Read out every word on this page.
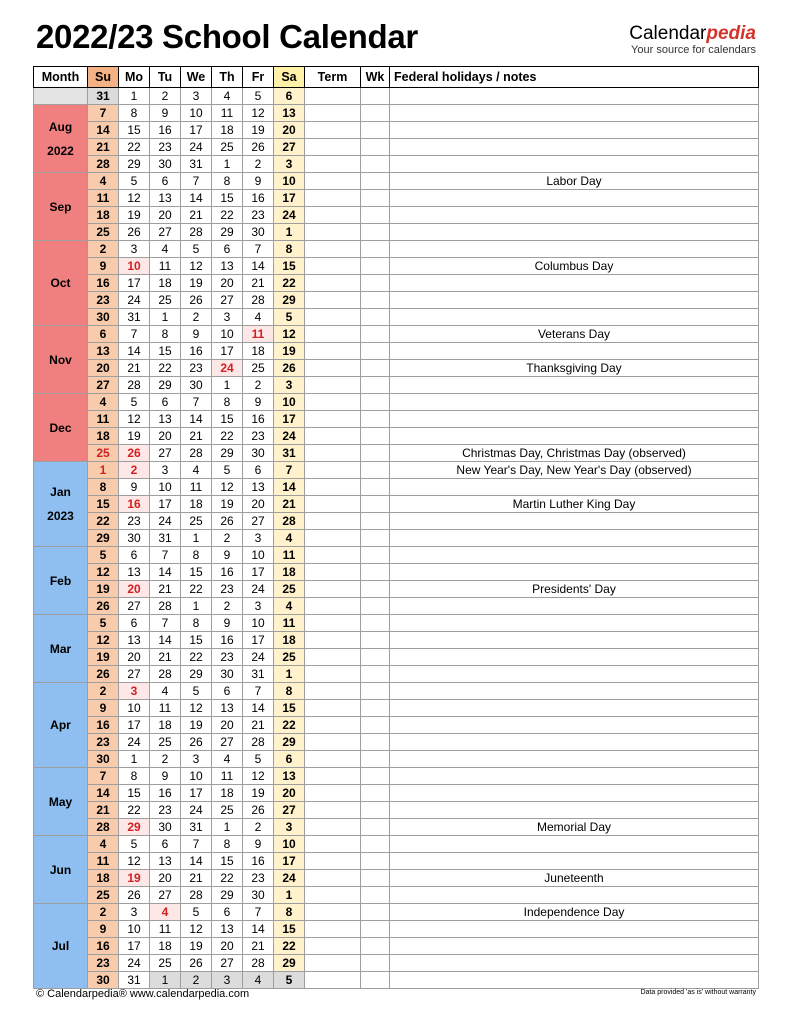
2022/23 School Calendar	Calendarpedia
Your source for calendars
Month	Su	Mo	Tu	We	Th	Fr	Sa	Term	Wk	Federal holidays / notes
	31	1	2	3	4	5	6			
Aug
2022	7	8	9	10	11	12	13			
	14	15	16	17	18	19	20			
	21	22	23	24	25	26	27			
	28	29	30	31	1	2	3			
Sep	4	5	6	7	8	9	10			Labor Day
	11	12	13	14	15	16	17			
	18	19	20	21	22	23	24			
	25	26	27	28	29	30	1			
Oct	2	3	4	5	6	7	8			
	9	10	11	12	13	14	15			Columbus Day
	16	17	18	19	20	21	22			
	23	24	25	26	27	28	29			
	30	31	1	2	3	4	5			
Nov	6	7	8	9	10	11	12			Veterans Day
	13	14	15	16	17	18	19			
	20	21	22	23	24	25	26			Thanksgiving Day
	27	28	29	30	1	2	3			
Dec	4	5	6	7	8	9	10			
	11	12	13	14	15	16	17			
	18	19	20	21	22	23	24			
	25	26	27	28	29	30	31			Christmas Day, Christmas Day (observed)
Jan
2023	1	2	3	4	5	6	7			New Year's Day, New Year's Day (observed)
	8	9	10	11	12	13	14			
	15	16	17	18	19	20	21			Martin Luther King Day
	22	23	24	25	26	27	28			
	29	30	31	1	2	3	4			
Feb	5	6	7	8	9	10	11			
	12	13	14	15	16	17	18			
	19	20	21	22	23	24	25			Presidents' Day
	26	27	28	1	2	3	4			
Mar	5	6	7	8	9	10	11			
	12	13	14	15	16	17	18			
	19	20	21	22	23	24	25			
	26	27	28	29	30	31	1			
Apr	2	3	4	5	6	7	8			
	9	10	11	12	13	14	15			
	16	17	18	19	20	21	22			
	23	24	25	26	27	28	29			
	30	1	2	3	4	5	6			
May	7	8	9	10	11	12	13			
	14	15	16	17	18	19	20			
	21	22	23	24	25	26	27			
	28	29	30	31	1	2	3			Memorial Day
Jun	4	5	6	7	8	9	10			
	11	12	13	14	15	16	17			
	18	19	20	21	22	23	24			Juneteenth
	25	26	27	28	29	30	1			
Jul	2	3	4	5	6	7	8			Independence Day
	9	10	11	12	13	14	15			
	16	17	18	19	20	21	22			
	23	24	25	26	27	28	29			
	30	31	1	2	3	4	5			
© Calendarpedia® www.calendarpedia.com	Data provided 'as is' without warranty
